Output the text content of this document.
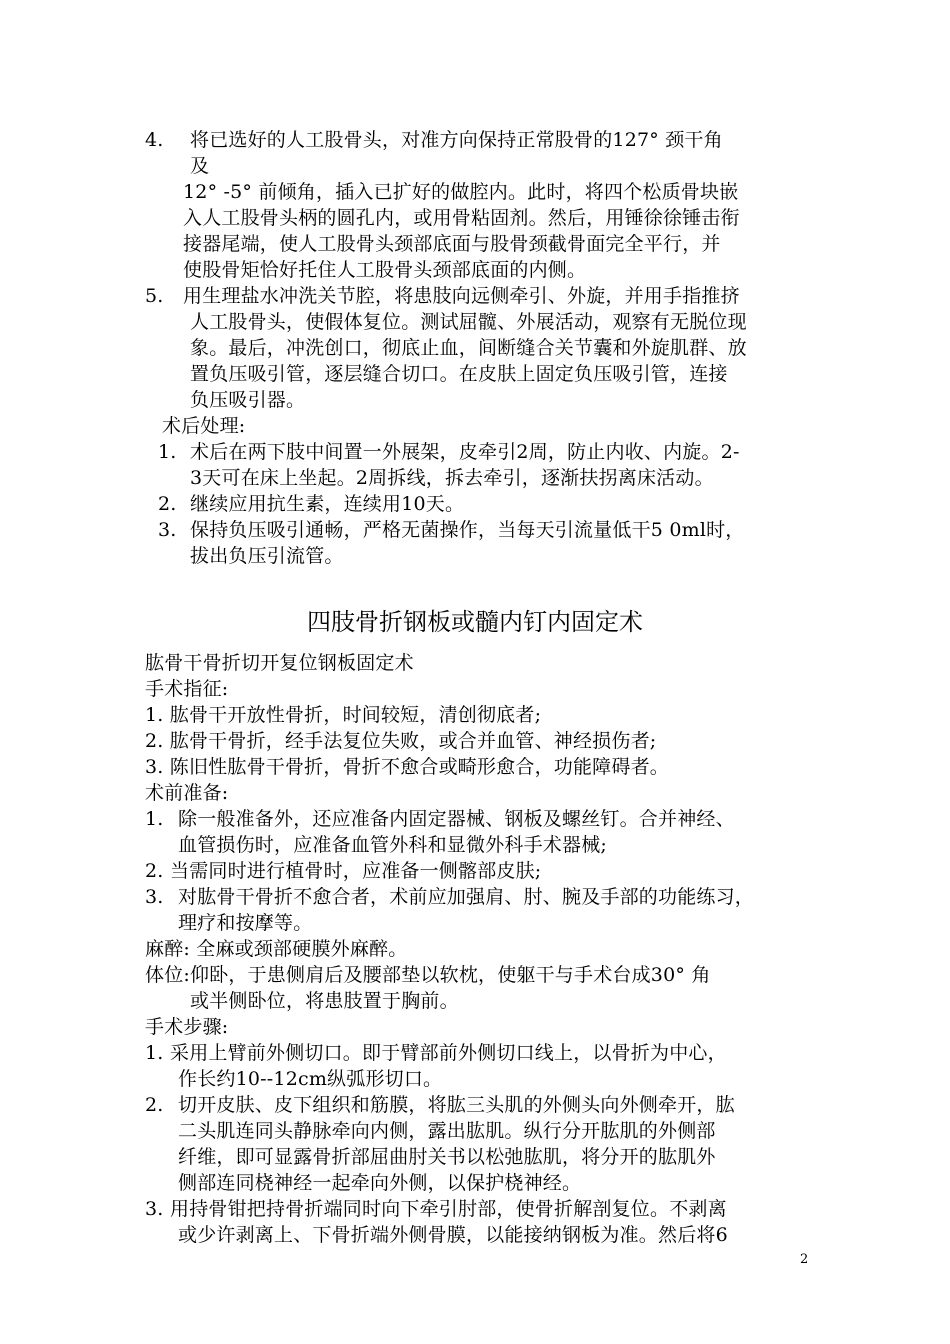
4. 将已选好的人工股骨头，对准方向保持正常股骨的127° 颈干角
及
12° -5° 前倾角，插入已扩好的做腔内。此时，将四个松质骨块嵌
入人工股骨头柄的圆孔内，或用骨粘固剂。然后，用锤徐徐锤击衔
接器尾端，使人工股骨头颈部底面与股骨颈截骨面完全平行，并
使股骨矩恰好托住人工股骨头颈部底面的内侧。
5. 用生理盐水冲洗关节腔，将患肢向远侧牵引、外旋，并用手指推挤
人工股骨头，使假体复位。测试屈髋、外展活动，观察有无脱位现
象。最后，冲洗创口，彻底止血，间断缝合关节囊和外旋肌群、放
置负压吸引管，逐层缝合切口。在皮肤上固定负压吸引管，连接
负压吸引器。
术后处理:
1. 术后在两下肢中间置一外展架，皮牵引2周，防止内收、内旋。2-
3天可在床上坐起。2周拆线，拆去牵引，逐渐扶拐离床活动。
2. 继续应用抗生素，连续用10天。
3. 保持负压吸引通畅，严格无菌操作，当每天引流量低干5 0ml时，
拔出负压引流管。
四肢骨折钢板或髓内钉内固定术
肱骨干骨折切开复位钢板固定术
手术指征:
1. 肱骨干开放性骨折，时间较短，清创彻底者;
2. 肱骨干骨折，经手法复位失败，或合并血管、神经损伤者;
3. 陈旧性肱骨干骨折，骨折不愈合或畸形愈合，功能障碍者。
术前准备:
1. 除一般准备外，还应准备内固定器械、钢板及螺丝钉。合并神经、
血管损伤时，应准备血管外科和显微外科手术器械;
2. 当需同时进行植骨时，应准备一侧髂部皮肤;
3. 对肱骨干骨折不愈合者，术前应加强肩、肘、腕及手部的功能练习，
理疗和按摩等。
麻醉: 全麻或颈部硬膜外麻醉。
体位:仰卧，于患侧肩后及腰部垫以软枕，使躯干与手术台成30° 角
或半侧卧位，将患肢置于胸前。
手术步骤:
1. 采用上臂前外侧切口。即于臂部前外侧切口线上，以骨折为中心，
作长约10--12cm纵弧形切口。
2. 切开皮肤、皮下组织和筋膜，将肱三头肌的外侧头向外侧牵开，肱
二头肌连同头静脉牵向内侧，露出肱肌。纵行分开肱肌的外侧部
纤维，即可显露骨折部屈曲肘关书以松弛肱肌，将分开的肱肌外
侧部连同桡神经一起牵向外侧，以保护桡神经。
3. 用持骨钳把持骨折端同时向下牵引肘部，使骨折解剖复位。不剥离
或少许剥离上、下骨折端外侧骨膜，以能接纳钢板为准。然后将6
2
